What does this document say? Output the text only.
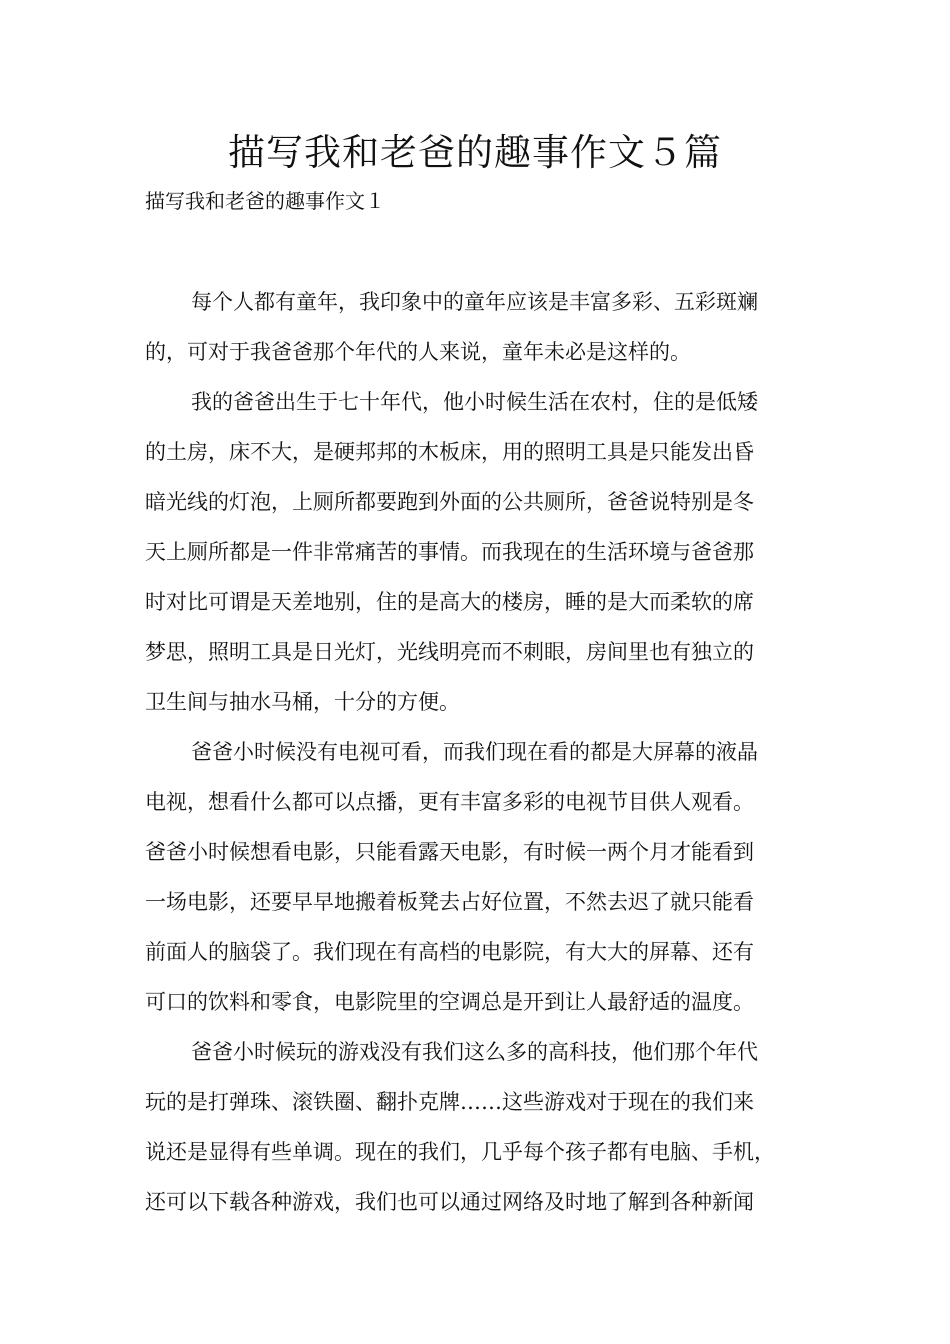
描写我和老爸的趣事作文５篇
描写我和老爸的趣事作文１

每个人都有童年，我印象中的童年应该是丰富多彩、五彩斑斓
的，可对于我爸爸那个年代的人来说，童年未必是这样的。

我的爸爸出生于七十年代，他小时候生活在农村，住的是低矮
的土房，床不大，是硬邦邦的木板床，用的照明工具是只能发出昏
暗光线的灯泡，上厕所都要跑到外面的公共厕所，爸爸说特别是冬
天上厕所都是一件非常痛苦的事情。而我现在的生活环境与爸爸那
时对比可谓是天差地别，住的是高大的楼房，睡的是大而柔软的席
梦思，照明工具是日光灯，光线明亮而不刺眼，房间里也有独立的
卫生间与抽水马桶，十分的方便。

爸爸小时候没有电视可看，而我们现在看的都是大屏幕的液晶
电视，想看什么都可以点播，更有丰富多彩的电视节目供人观看。
爸爸小时候想看电影，只能看露天电影，有时候一两个月才能看到
一场电影，还要早早地搬着板凳去占好位置，不然去迟了就只能看
前面人的脑袋了。我们现在有高档的电影院，有大大的屏幕、还有
可口的饮料和零食，电影院里的空调总是开到让人最舒适的温度。

爸爸小时候玩的游戏没有我们这么多的高科技，他们那个年代
玩的是打弹珠、滚铁圈、翻扑克牌……这些游戏对于现在的我们来
说还是显得有些单调。现在的我们，几乎每个孩子都有电脑、手机，
还可以下载各种游戏，我们也可以通过网络及时地了解到各种新闻
